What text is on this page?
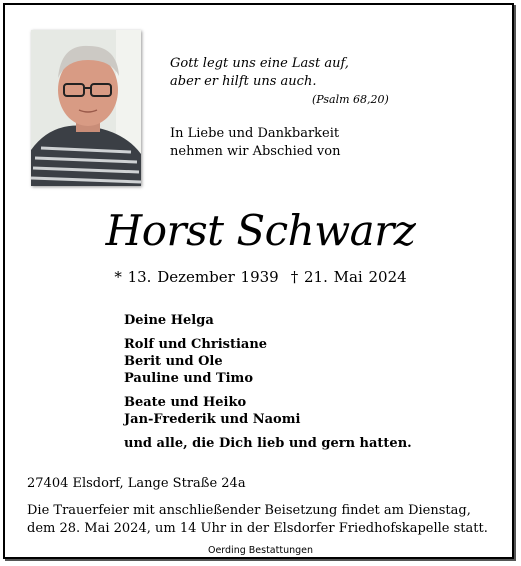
Gott legt uns eine Last auf,
aber er hilft uns auch.
(Psalm 68,20)
In Liebe und Dankbarkeit
nehmen wir Abschied von
Horst Schwarz
* 13. Dezember 1939 † 21. Mai 2024
Deine Helga
Rolf und Christiane
Berit und Ole
Pauline und Timo
Beate und Heiko
Jan-Frederik und Naomi
und alle, die Dich lieb und gern hatten.
27404 Elsdorf, Lange Straße 24a
Die Trauerfeier mit anschließender Beisetzung findet am Dienstag,
dem 28. Mai 2024, um 14 Uhr in der Elsdorfer Friedhofskapelle statt.
Oerding Bestattungen
